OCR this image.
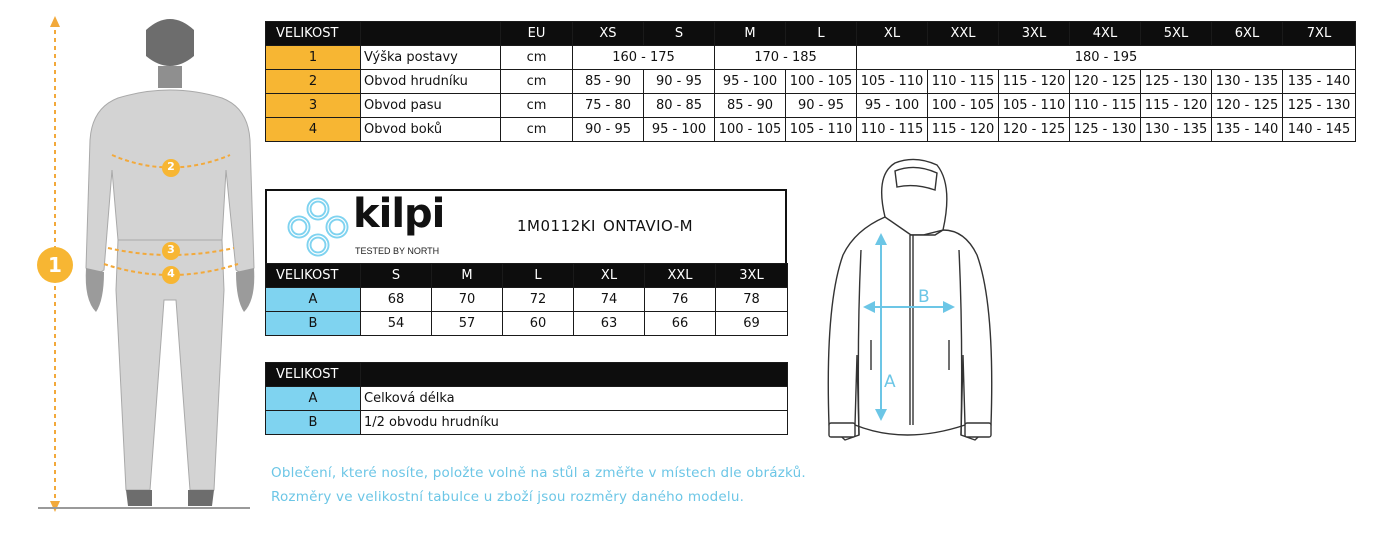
1
2
3
4
VELIKOST		EU	XS	S	M	L	XL	XXL	3XL	4XL	5XL	6XL	7XL
1	Výška postavy	cm	160 - 175		170 - 185		180 - 195						
2	Obvod hrudníku	cm	85 - 90	90 - 95	95 - 100	100 - 105	105 - 110	110 - 115	115 - 120	120 - 125	125 - 130	130 - 135	135 - 140
3	Obvod pasu	cm	75 - 80	80 - 85	85 - 90	90 - 95	95 - 100	100 - 105	105 - 110	110 - 115	115 - 120	120 - 125	125 - 130
4	Obvod boků	cm	90 - 95	95 - 100	100 - 105	105 - 110	110 - 115	115 - 120	120 - 125	125 - 130	130 - 135	135 - 140	140 - 145
kilpi
TESTED BY NORTH
1M0112KI ONTAVIO-M
VELIKOST	S	M	L	XL	XXL	3XL
A	68	70	72	74	76	78
B	54	57	60	63	66	69
VELIKOST	
A	Celková délka
B	1/2 obvodu hrudníku
A
B
Oblečení, které nosíte, položte volně na stůl a změřte v místech dle obrázků.
Rozměry ve velikostní tabulce u zboží jsou rozměry daného modelu.
